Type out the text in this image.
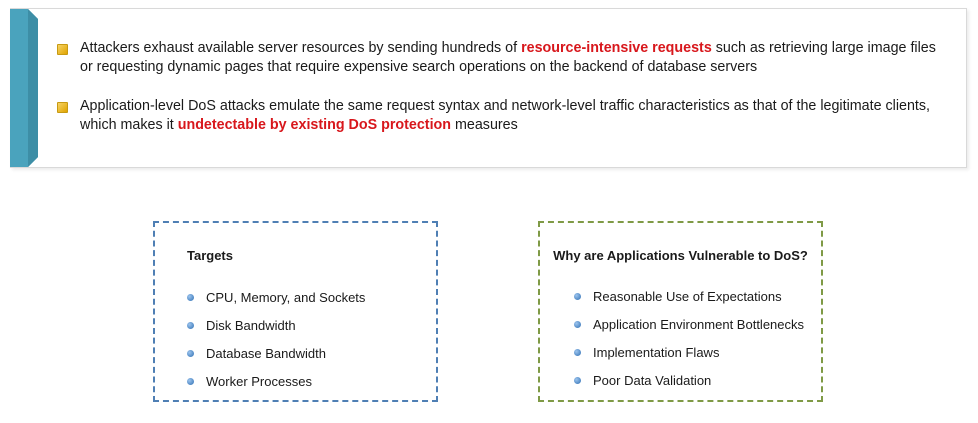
Attackers exhaust available server resources by sending hundreds of resource-intensive requests such as retrieving large image files or requesting dynamic pages that require expensive search operations on the backend of database servers
Application-level DoS attacks emulate the same request syntax and network-level traffic characteristics as that of the legitimate clients, which makes it undetectable by existing DoS protection measures
Targets
CPU, Memory, and Sockets
Disk Bandwidth
Database Bandwidth
Worker Processes
Why are Applications Vulnerable to DoS?
Reasonable Use of Expectations
Application Environment Bottlenecks
Implementation Flaws
Poor Data Validation
